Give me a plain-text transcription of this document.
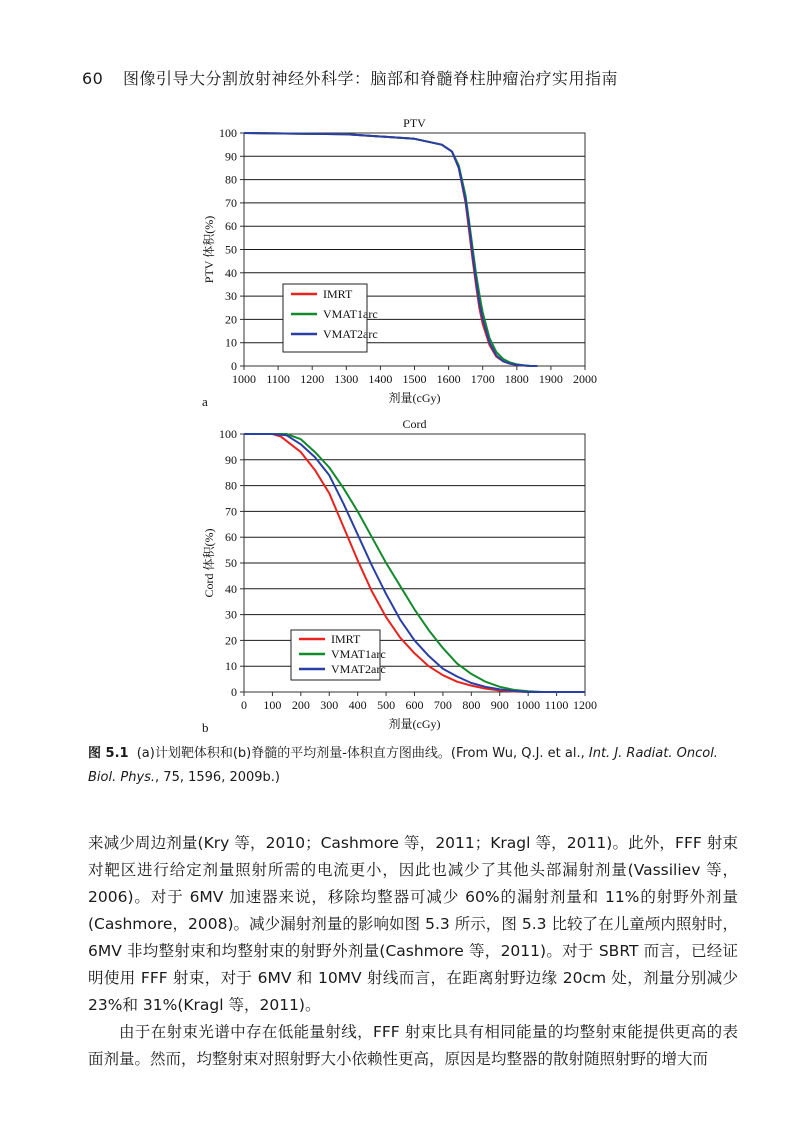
60 图像引导大分割放射神经外科学：脑部和脊髓脊柱肿瘤治疗实用指南
0
10
20
30
40
50
60
70
80
90
100
1000 1100 1200 1300 1400 1500 1600 1700 1800 1900 2000
PTV
剂量(cGy)
PTV 体积(%)
a
IMRT
VMAT1arc
VMAT2arc
0
10
20
30
40
50
60
70
80
90
100
0 100 200 300 400 500 600 700 800 900 1000 1100 1200
Cord
剂量(cGy)
Cord 体积(%)
b
IMRT
VMAT1arc
VMAT2arc
图 5.1 (a)计划靶体积和(b)脊髓的平均剂量-体积直方图曲线。(From Wu, Q.J. et al., Int. J. Radiat. Oncol. Biol. Phys., 75, 1596, 2009b.)

来减少周边剂量(Kry 等，2010；Cashmore 等，2011；Kragl 等，2011)。此外，FFF 射束对靶区进行给定剂量照射所需的电流更小，因此也减少了其他头部漏射剂量(Vassiliev 等，2006)。对于 6MV 加速器来说，移除均整器可减少 60%的漏射剂量和 11%的射野外剂量(Cashmore，2008)。减少漏射剂量的影响如图 5.3 所示，图 5.3 比较了在儿童颅内照射时，6MV 非均整射束和均整射束的射野外剂量(Cashmore 等，2011)。对于 SBRT 而言，已经证明使用 FFF 射束，对于 6MV 和 10MV 射线而言，在距离射野边缘 20cm 处，剂量分别减少 23%和 31%(Kragl 等，2011)。

由于在射束光谱中存在低能量射线，FFF 射束比具有相同能量的均整射束能提供更高的表面剂量。然而，均整射束对照射野大小依赖性更高，原因是均整器的散射随照射野的增大而
